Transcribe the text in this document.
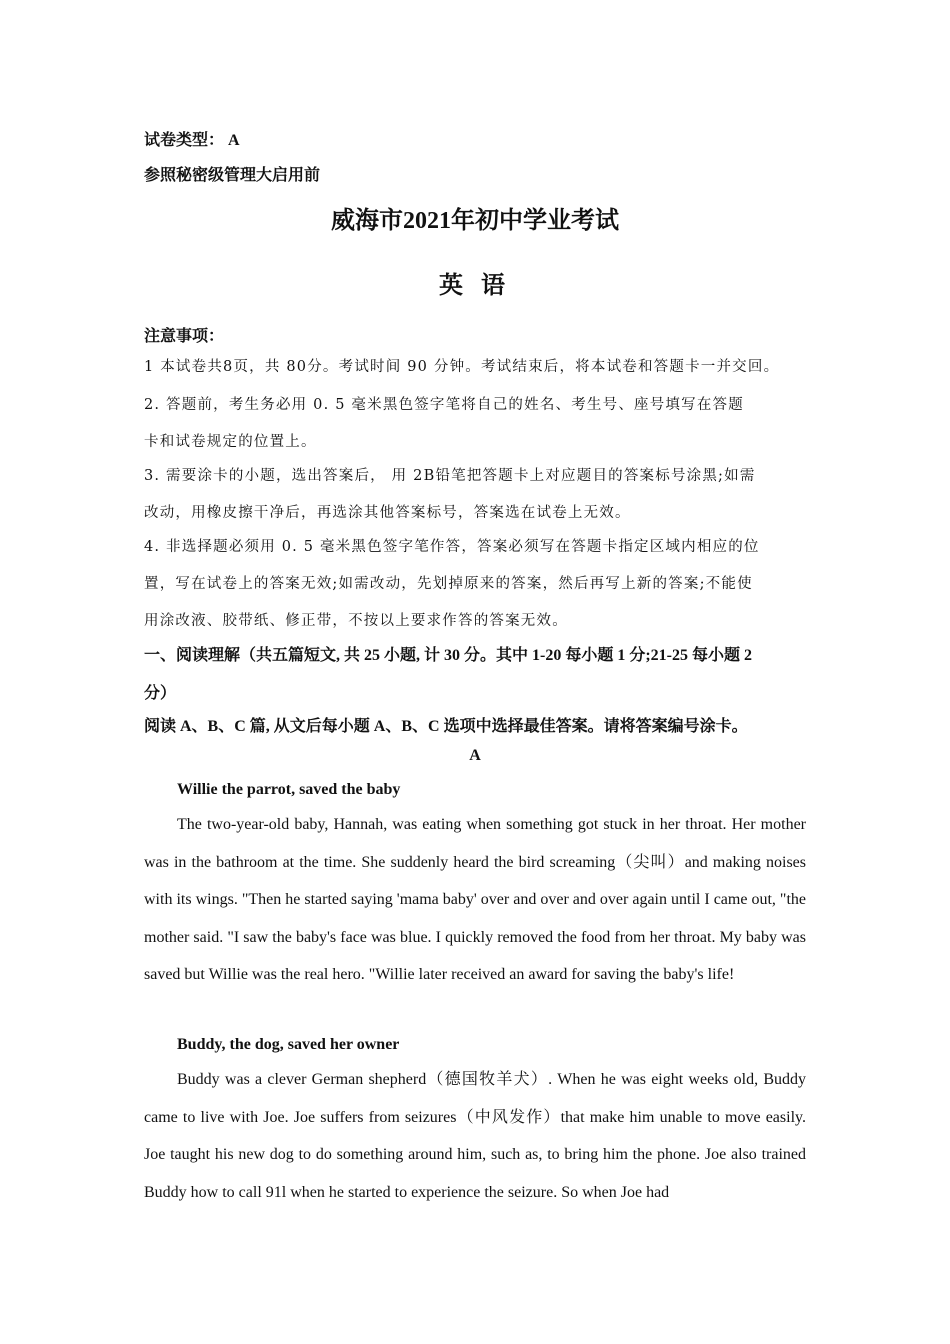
试卷类型： A
参照秘密级管理大启用前
威海市2021年初中学业考试
英 语
注意事项：
1 本试卷共8页，共 80分。考试时间 90 分钟。考试结束后，将本试卷和答题卡一并交回。
2. 答题前，考生务必用 0. 5 毫米黑色签字笔将自己的姓名、考生号、座号填写在答题
卡和试卷规定的位置上。
3. 需要涂卡的小题，选出答案后， 用 2B铅笔把答题卡上对应题目的答案标号涂黑;如需
改动，用橡皮擦干净后，再选涂其他答案标号，答案选在试卷上无效。
4. 非选择题必须用 0. 5 毫米黑色签字笔作答，答案必须写在答题卡指定区域内相应的位
置，写在试卷上的答案无效;如需改动，先划掉原来的答案，然后再写上新的答案;不能使
用涂改液、胶带纸、修正带，不按以上要求作答的答案无效。
一、阅读理解（共五篇短文, 共 25 小题, 计 30 分。其中 1-20 每小题 1 分;21-25 每小题 2
分）
阅读 A、B、C 篇, 从文后每小题 A、B、C 选项中选择最佳答案。请将答案编号涂卡。
A
Willie the parrot, saved the baby

The two-year-old baby, Hannah, was eating when something got stuck in her throat. Her mother was in the bathroom at the time. She suddenly heard the bird screaming（尖叫）and making noises with its wings. "Then he started saying 'mama baby' over and over and over again until I came out, "the mother said. "I saw the baby's face was blue. I quickly removed the food from her throat. My baby was saved but Willie was the real hero. "Willie later received an award for saving the baby's life!

Buddy, the dog, saved her owner

Buddy was a clever German shepherd（德国牧羊犬）. When he was eight weeks old, Buddy came to live with Joe. Joe suffers from seizures（中风发作）that make him unable to move easily. Joe taught his new dog to do something around him, such as, to bring him the phone. Joe also trained Buddy how to call 91l when he started to experience the seizure. So when Joe had
